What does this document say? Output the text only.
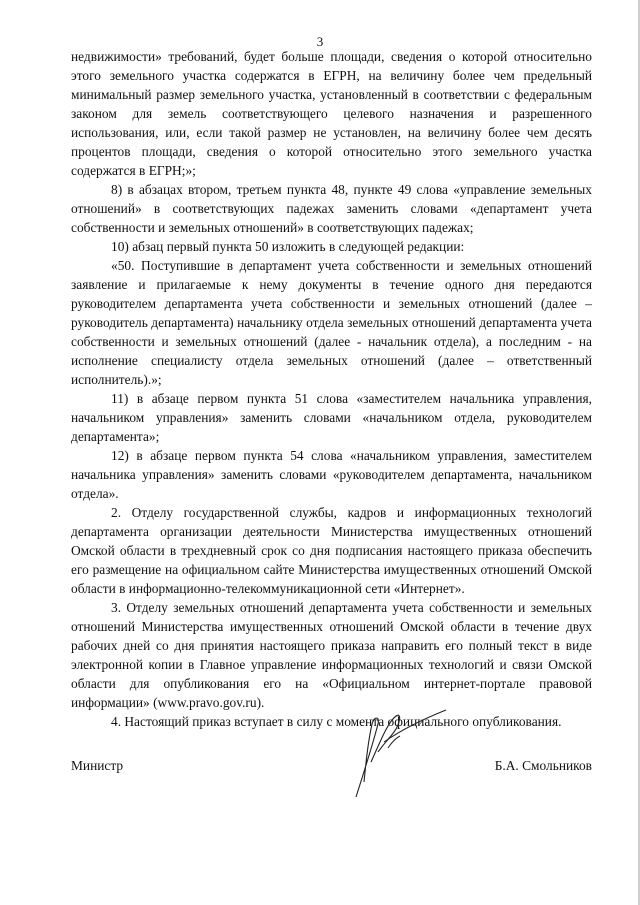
3

недвижимости» требований, будет больше площади, сведения о которой относительно этого земельного участка содержатся в ЕГРН, на величину более чем предельный минимальный размер земельного участка, установленный в соответствии с федеральным законом для земель соответствующего целевого назначения и разрешенного использования, или, если такой размер не установлен, на величину более чем десять процентов площади, сведения о которой относительно этого земельного участка содержатся в ЕГРН;»;

8) в абзацах втором, третьем пункта 48, пункте 49 слова «управление земельных отношений» в соответствующих падежах заменить словами «департамент учета собственности и земельных отношений» в соответствующих падежах;

10) абзац первый пункта 50 изложить в следующей редакции:

«50. Поступившие в департамент учета собственности и земельных отношений заявление и прилагаемые к нему документы в течение одного дня передаются руководителем департамента учета собственности и земельных отношений (далее – руководитель департамента) начальнику отдела земельных отношений департамента учета собственности и земельных отношений (далее - начальник отдела), а последним - на исполнение специалисту отдела земельных отношений (далее – ответственный исполнитель).»;

11) в абзаце первом пункта 51 слова «заместителем начальника управления, начальником управления» заменить словами «начальником отдела, руководителем департамента»;

12) в абзаце первом пункта 54 слова «начальником управления, заместителем начальника управления» заменить словами «руководителем департамента, начальником отдела».

2. Отделу государственной службы, кадров и информационных технологий департамента организации деятельности Министерства имущественных отношений Омской области в трехдневный срок со дня подписания настоящего приказа обеспечить его размещение на официальном сайте Министерства имущественных отношений Омской области в информационно-телекоммуникационной сети «Интернет».

3. Отделу земельных отношений департамента учета собственности и земельных отношений Министерства имущественных отношений Омской области в течение двух рабочих дней со дня принятия настоящего приказа направить его полный текст в виде электронной копии в Главное управление информационных технологий и связи Омской области для опубликования его на «Официальном интернет-портале правовой информации» (www.pravo.gov.ru).

4. Настоящий приказ вступает в силу с момента официального опубликования.

Министр	Б.А. Смольников
